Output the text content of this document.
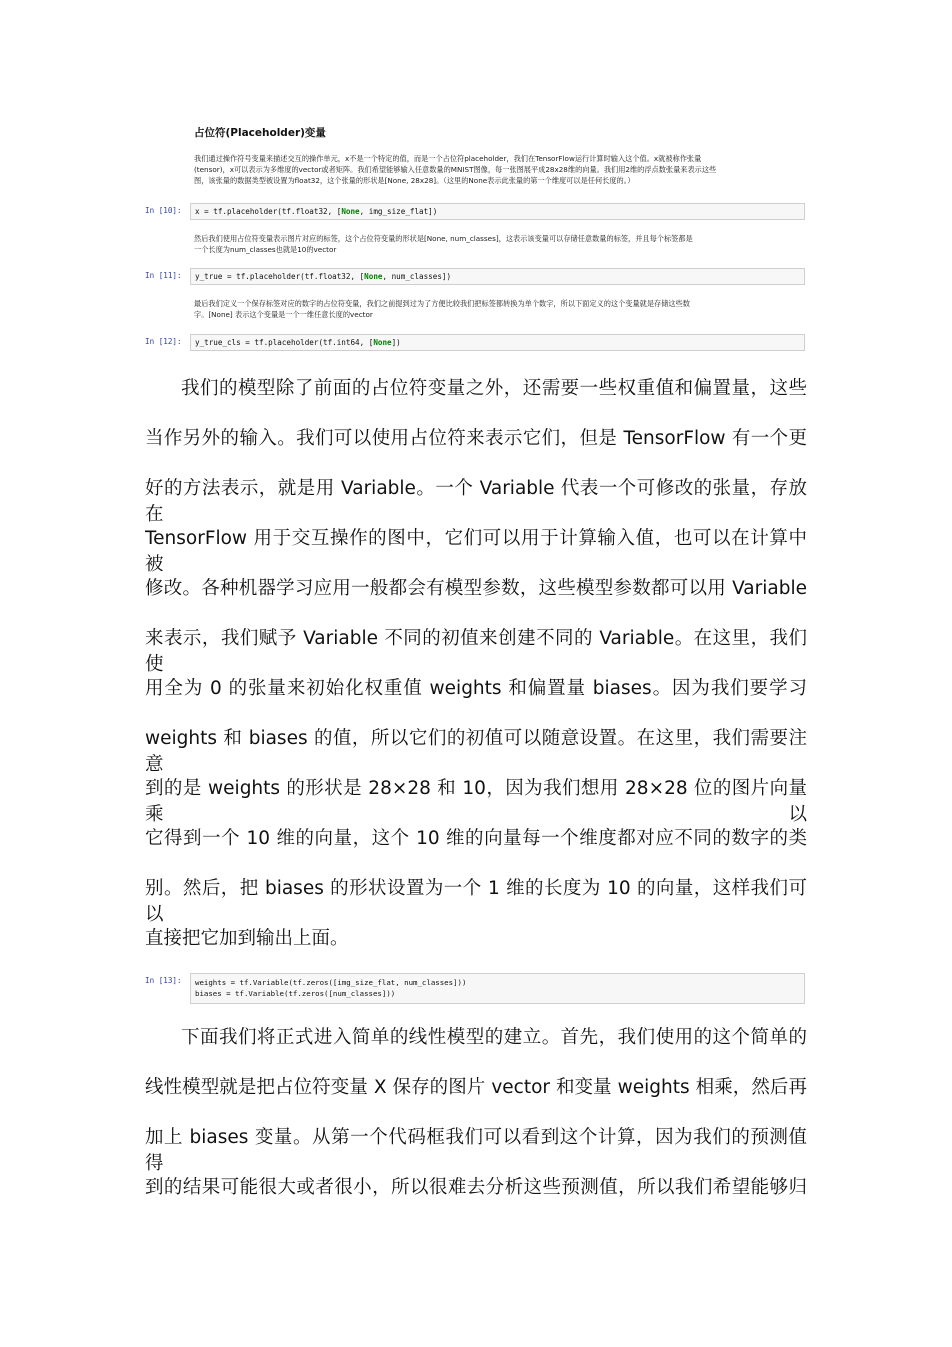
占位符(Placeholder)变量
我们通过操作符号变量来描述交互的操作单元，x不是一个特定的值，而是一个占位符placeholder，我们在TensorFlow运行计算时输入这个值。x就被称作张量
(tensor)，x可以表示为多维度的vector或者矩阵。我们希望能够输入任意数量的MNIST图像，每一张图展平成28x28维的向量。我们用2维的浮点数张量来表示这些
图，该张量的数据类型被设置为float32，这个张量的形状是[None, 28x28]。（这里的None表示此张量的第一个维度可以是任何长度的。）
In [10]:	x = tf.placeholder(tf.float32, [None, img_size_flat])
然后我们使用占位符变量表示图片对应的标签，这个占位符变量的形状是[None, num_classes]，这表示该变量可以存储任意数量的标签，并且每个标签都是
一个长度为num_classes也就是10的vector
In [11]:	y_true = tf.placeholder(tf.float32, [None, num_classes])
最后我们定义一个保存标签对应的数字的占位符变量，我们之前提到过为了方便比较我们把标签都转换为单个数字，所以下面定义的这个变量就是存储这些数
字。[None] 表示这个变量是一个一维任意长度的vector
In [12]:	y_true_cls = tf.placeholder(tf.int64, [None])
我们的模型除了前面的占位符变量之外，还需要一些权重值和偏置量，这些
当作另外的输入。我们可以使用占位符来表示它们，但是 TensorFlow 有一个更
好的方法表示，就是用 Variable。一个 Variable 代表一个可修改的张量，存放在
TensorFlow 用于交互操作的图中，它们可以用于计算输入值，也可以在计算中被
修改。各种机器学习应用一般都会有模型参数，这些模型参数都可以用 Variable
来表示，我们赋予 Variable 不同的初值来创建不同的 Variable。在这里，我们使
用全为 0 的张量来初始化权重值 weights 和偏置量 biases。因为我们要学习
weights 和 biases 的值，所以它们的初值可以随意设置。在这里，我们需要注意
到的是 weights 的形状是 28×28 和 10，因为我们想用 28×28 位的图片向量乘以
它得到一个 10 维的向量，这个 10 维的向量每一个维度都对应不同的数字的类
别。然后，把 biases 的形状设置为一个 1 维的长度为 10 的向量，这样我们可以
直接把它加到输出上面。
In [13]: weights = tf.Variable(tf.zeros([img_size_flat, num_classes]))
biases = tf.Variable(tf.zeros([num_classes]))
下面我们将正式进入简单的线性模型的建立。首先，我们使用的这个简单的
线性模型就是把占位符变量 X 保存的图片 vector 和变量 weights 相乘，然后再
加上 biases 变量。从第一个代码框我们可以看到这个计算，因为我们的预测值得
到的结果可能很大或者很小，所以很难去分析这些预测值，所以我们希望能够归
